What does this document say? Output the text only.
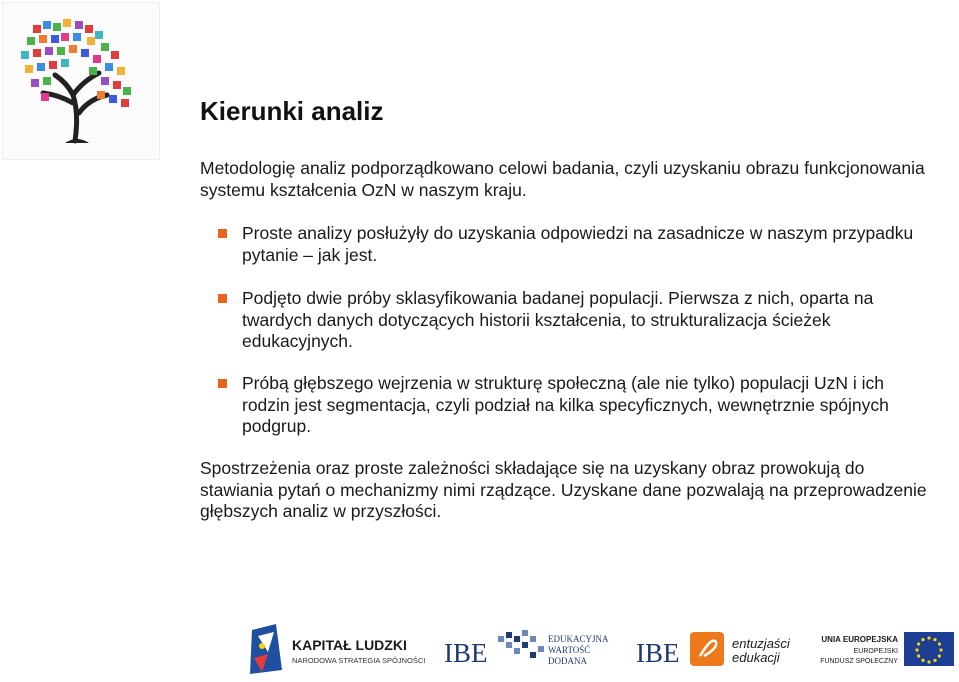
Kierunki analiz

Metodologię analiz podporządkowano celowi badania, czyli uzyskaniu obrazu funkcjonowania systemu kształcenia OzN w naszym kraju.

Proste analizy posłużyły do uzyskania odpowiedzi na zasadnicze w naszym przypadku pytanie – jak jest.
Podjęto dwie próby sklasyfikowania badanej populacji. Pierwsza z nich, oparta na twardych danych dotyczących historii kształcenia, to strukturalizacja ścieżek edukacyjnych.
Próbą głębszego wejrzenia w strukturę społeczną (ale nie tylko) populacji UzN i ich rodzin jest segmentacja, czyli podział na kilka specyficznych, wewnętrznie spójnych podgrup.

Spostrzeżenia oraz proste zależności składające się na uzyskany obraz prowokują do stawiania pytań o mechanizmy nimi rządzące. Uzyskane dane pozwalają na przeprowadzenie głębszych analiz w przyszłości.

KAPITAŁ LUDZKI
NARODOWA STRATEGIA SPÓJNOŚCI IBE	EDUKACYJNA
WARTOŚĆ
DODANA IBE	entuzjaści
edukacji
UNIA EUROPEJSKA
EUROPEJSKI
FUNDUSZ SPOŁECZNY
